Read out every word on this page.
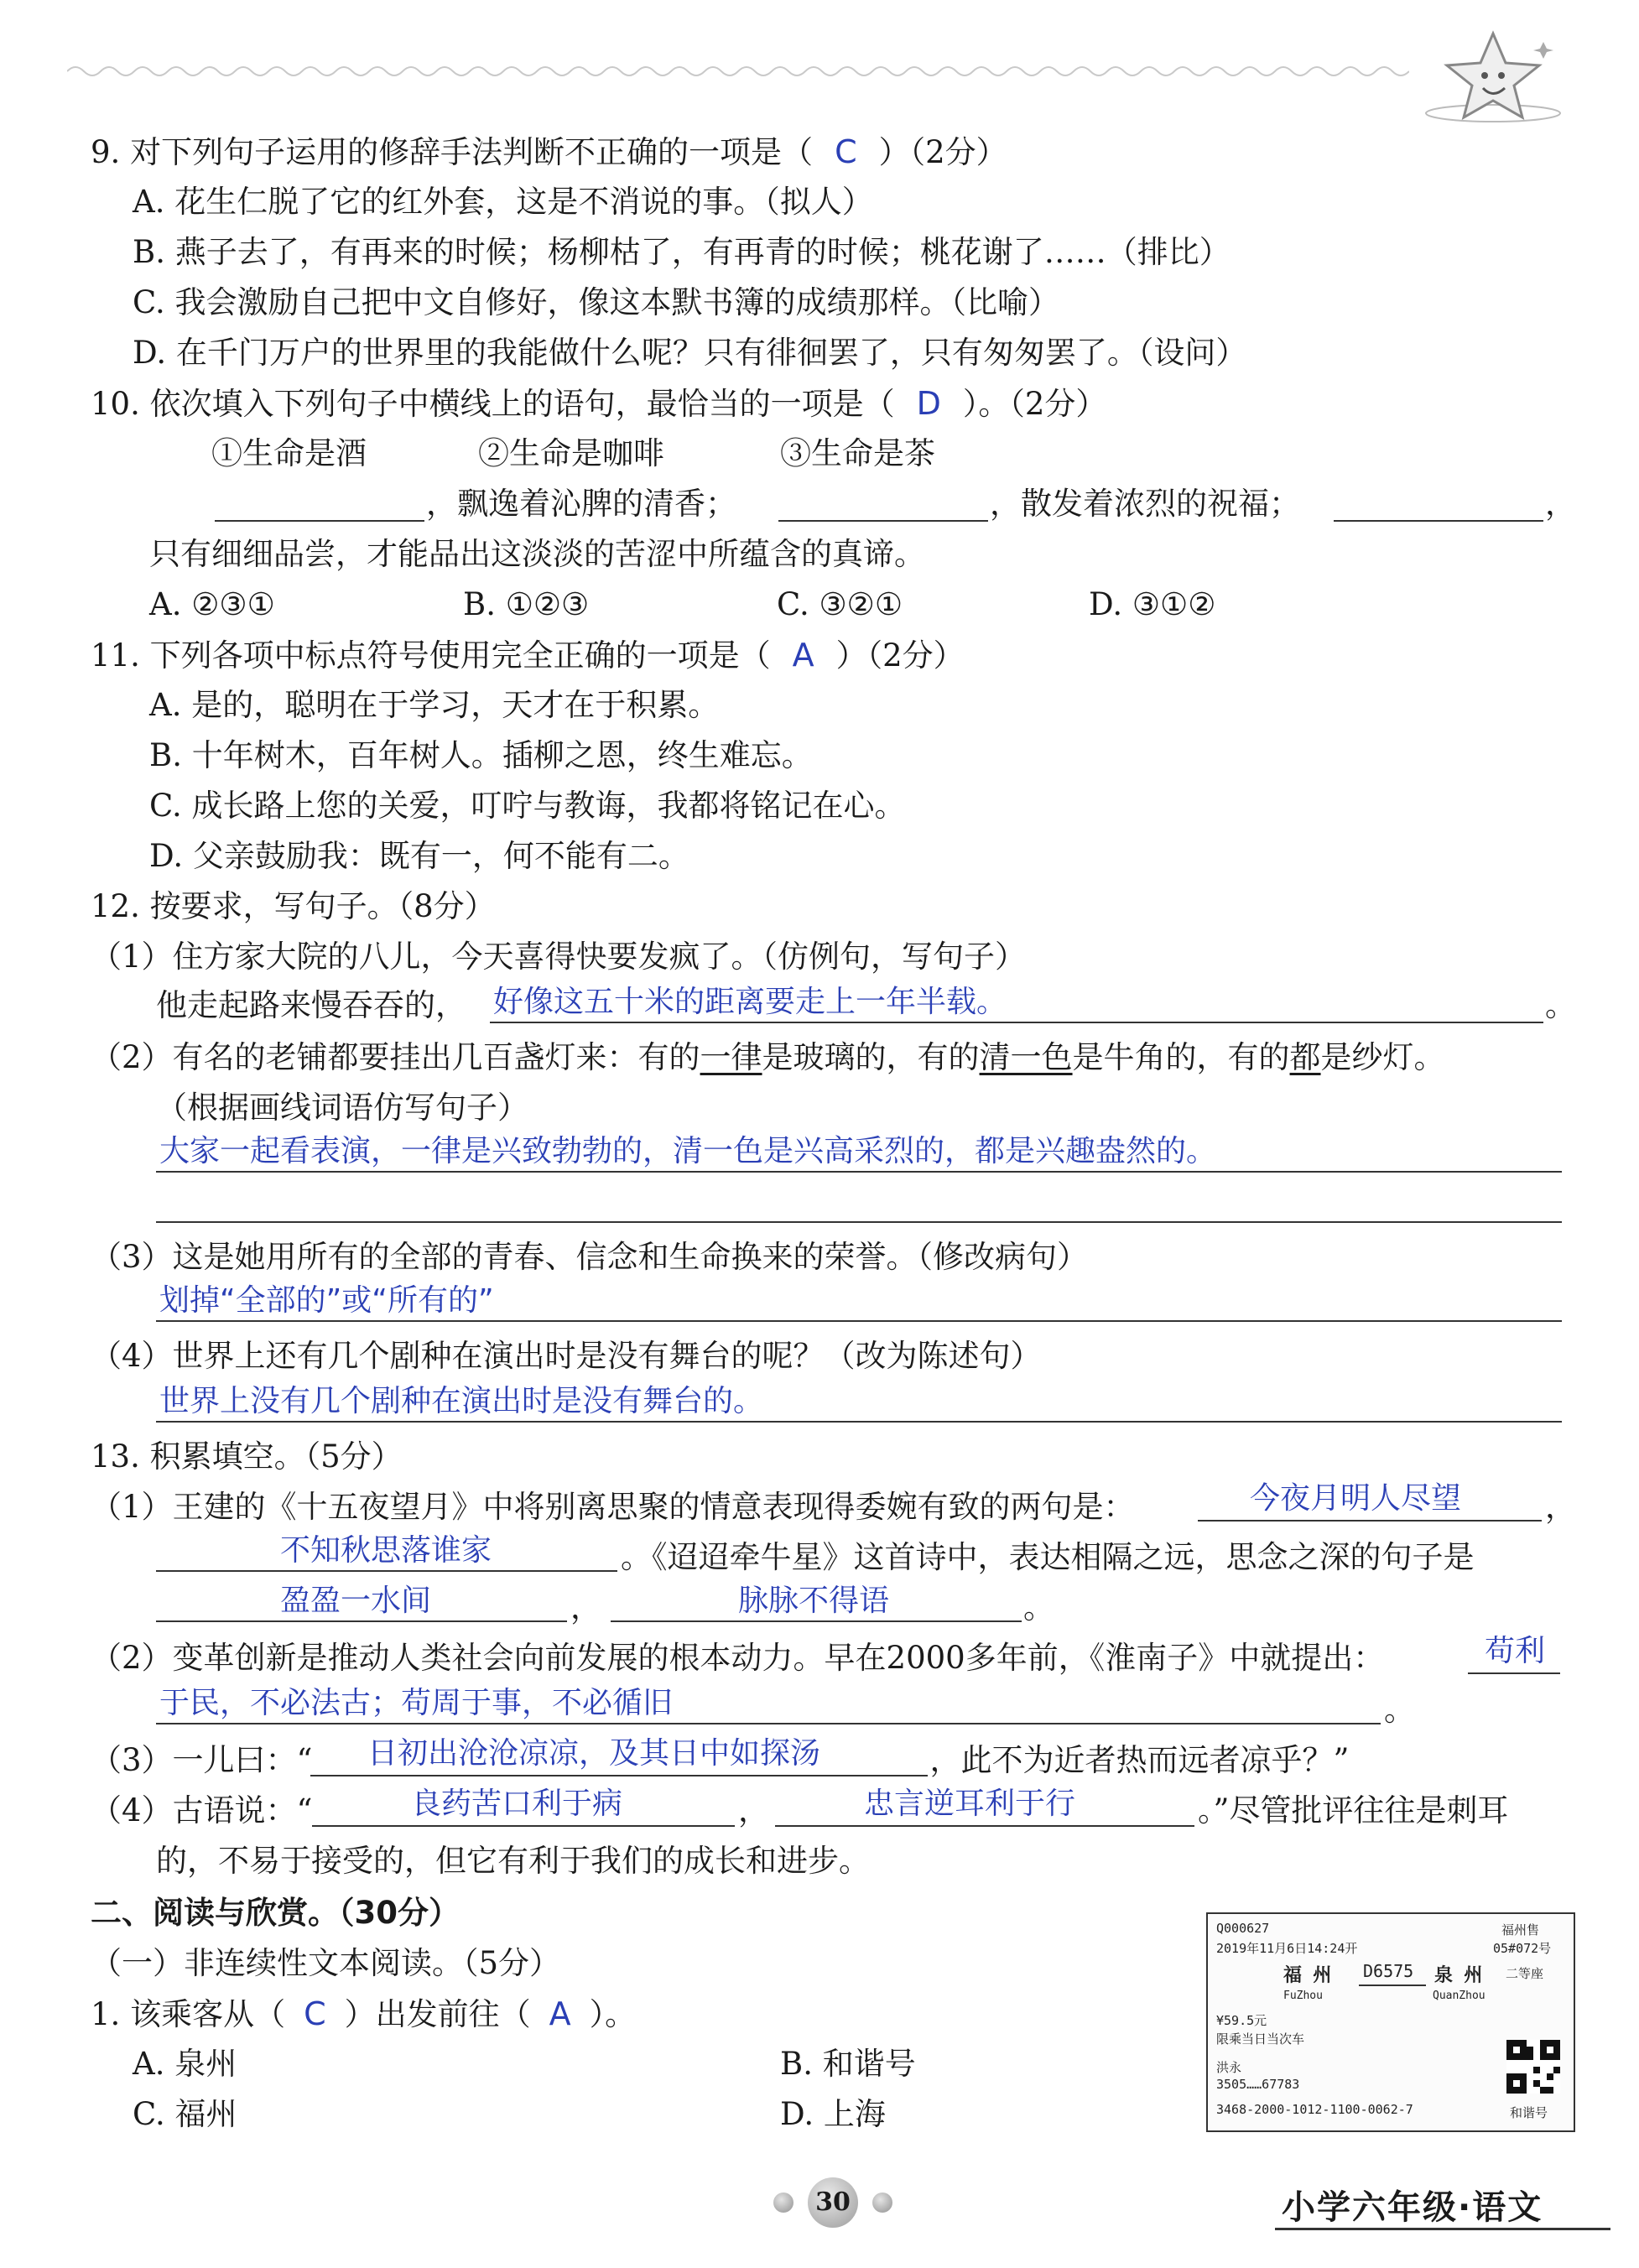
9. 对下列句子运用的修辞手法判断不正确的一项是（ C ）（2分）
A. 花生仁脱了它的红外套，这是不消说的事。（拟人）
B. 燕子去了，有再来的时候；杨柳枯了，有再青的时候；桃花谢了……（排比）
C. 我会激励自己把中文自修好，像这本默书簿的成绩那样。（比喻）
D. 在千门万户的世界里的我能做什么呢？只有徘徊罢了，只有匆匆罢了。（设问）
10. 依次填入下列句子中横线上的语句，最恰当的一项是（ D ）。（2分）
①生命是酒	②生命是咖啡	③生命是茶
，飘逸着沁脾的清香；	，散发着浓烈的祝福；	，
只有细细品尝，才能品出这淡淡的苦涩中所蕴含的真谛。
A. ②③①	B. ①②③	C. ③②①	D. ③①②
11. 下列各项中标点符号使用完全正确的一项是（ A ）（2分）
A. 是的，聪明在于学习，天才在于积累。
B. 十年树木，百年树人。插柳之恩，终生难忘。
C. 成长路上您的关爱，叮咛与教诲，我都将铭记在心。
D. 父亲鼓励我：既有一，何不能有二。
12. 按要求，写句子。（8分）
（1）住方家大院的八儿，今天喜得快要发疯了。（仿例句，写句子）
他走起路来慢吞吞的， 好像这五十米的距离要走上一年半载。	。
（2）有名的老铺都要挂出几百盏灯来：有的一律是玻璃的，有的清一色是牛角的，有的都是纱灯。
（根据画线词语仿写句子）
大家一起看表演，一律是兴致勃勃的，清一色是兴高采烈的，都是兴趣盎然的。
（3）这是她用所有的全部的青春、信念和生命换来的荣誉。（修改病句）
划掉“全部的”或“所有的”
（4）世界上还有几个剧种在演出时是没有舞台的呢？（改为陈述句）
世界上没有几个剧种在演出时是没有舞台的。
13. 积累填空。（5分）
（1）王建的《十五夜望月》中将别离思聚的情意表现得委婉有致的两句是：	今夜月明人尽望	，
不知秋思落谁家	。《迢迢牵牛星》这首诗中，表达相隔之远，思念之深的句子是
盈盈一水间	，	脉脉不得语	。
（2）变革创新是推动人类社会向前发展的根本动力。早在2000多年前，《淮南子》中就提出：	苟利
于民，不必法古；苟周于事，不必循旧	。
（3）一儿曰：“	，此不为近者热而远者凉乎？”
日初出沧沧凉凉，及其日中如探汤
（4）古语说：“	良药苦口利于病	，	忠言逆耳利于行	。”尽管批评往往是刺耳
的，不易于接受的，但它有利于我们的成长和进步。
二、阅读与欣赏。（30分）
（一）非连续性文本阅读。（5分）
1. 该乘客从（ C ）出发前往（ A ）。
A. 泉州	B. 和谐号
C. 福州	D. 上海
Q000627	福州售
2019年11月6日14:24开	05#072号
福 州 D6575 泉 州 二等座
FuZhou	QuanZhou
¥59.5元
限乘当日当次车
洪永
3505……67783
3468-2000-1012-1100-0062-7	和谐号
30	小学六年级·语文
